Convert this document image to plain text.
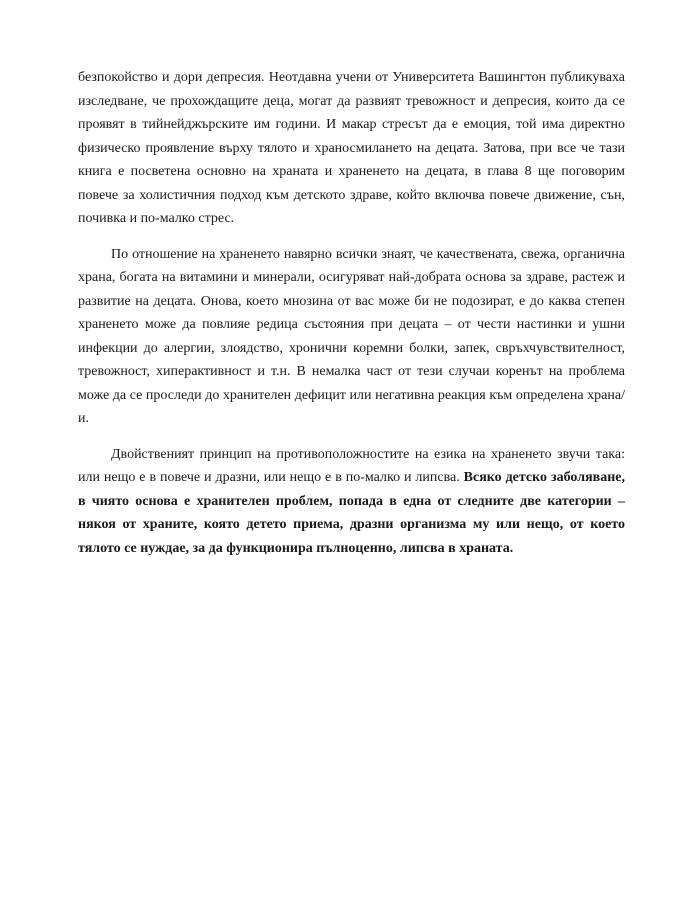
безпокойство и дори депресия. Неотдавна учени от Университета Вашингтон публикуваха изследване, че прохождащите деца, могат да развият тревожност и депресия, които да се проявят в тийнейджърските им години. И макар стресът да е емоция, той има директно физическо проявление върху тялото и храносмилането на децата. Затова, при все че тази книга е посветена основно на храната и храненето на децата, в глава 8 ще поговорим повече за холистичния подход към детското здраве, който включва повече движение, сън, почивка и по-малко стрес.

По отношение на храненето навярно всички знаят, че качествената, свежа, органична храна, богата на витамини и минерали, осигуряват най-добрата основа за здраве, растеж и развитие на децата. Онова, което мнозина от вас може би не подозират, е до каква степен храненето може да повлияе редица състояния при децата – от чести настинки и ушни инфекции до алергии, злоядство, хронични коремни болки, запек, свръхчувствителност, тревожност, хиперактивност и т.н. В немалка част от тези случаи коренът на проблема може да се проследи до хранителен дефицит или негативна реакция към определена храна/и.

Двойственият принцип на противоположностите на езика на храненето звучи така: или нещо е в повече и дразни, или нещо е в по-малко и липсва. Всяко детско заболяване, в чиято основа е хранителен проблем, попада в една от следните две категории – някоя от храните, която детето приема, дразни организма му или нещо, от което тялото се нуждае, за да функционира пълноценно, липсва в храната.
